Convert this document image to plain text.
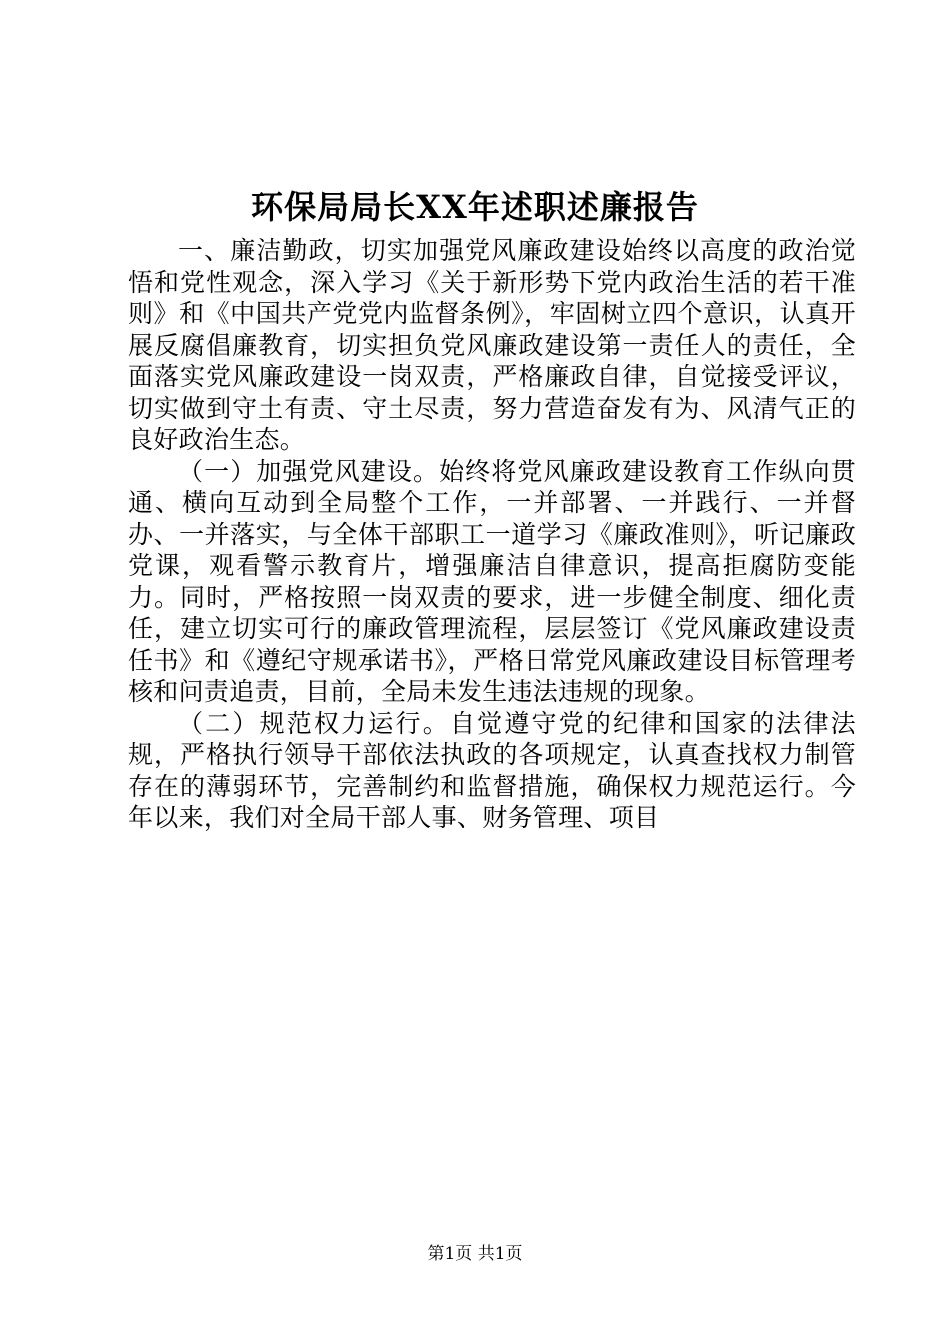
环保局局长XX年述职述廉报告

一、廉洁勤政，切实加强党风廉政建设始终以高度的政治觉悟和党性观念，深入学习《关于新形势下党内政治生活的若干准则》和《中国共产党党内监督条例》，牢固树立四个意识，认真开展反腐倡廉教育，切实担负党风廉政建设第一责任人的责任，全面落实党风廉政建设一岗双责，严格廉政自律，自觉接受评议，切实做到守土有责、守土尽责，努力营造奋发有为、风清气正的良好政治生态。

（一）加强党风建设。始终将党风廉政建设教育工作纵向贯通、横向互动到全局整个工作，一并部署、一并践行、一并督办、一并落实，与全体干部职工一道学习《廉政准则》，听记廉政党课，观看警示教育片，增强廉洁自律意识，提高拒腐防变能力。同时，严格按照一岗双责的要求，进一步健全制度、细化责任，建立切实可行的廉政管理流程，层层签订《党风廉政建设责任书》和《遵纪守规承诺书》，严格日常党风廉政建设目标管理考核和问责追责，目前，全局未发生违法违规的现象。

（二）规范权力运行。自觉遵守党的纪律和国家的法律法规，严格执行领导干部依法执政的各项规定，认真查找权力制管存在的薄弱环节，完善制约和监督措施，确保权力规范运行。今年以来，我们对全局干部人事、财务管理、项目

第1页 共1页
